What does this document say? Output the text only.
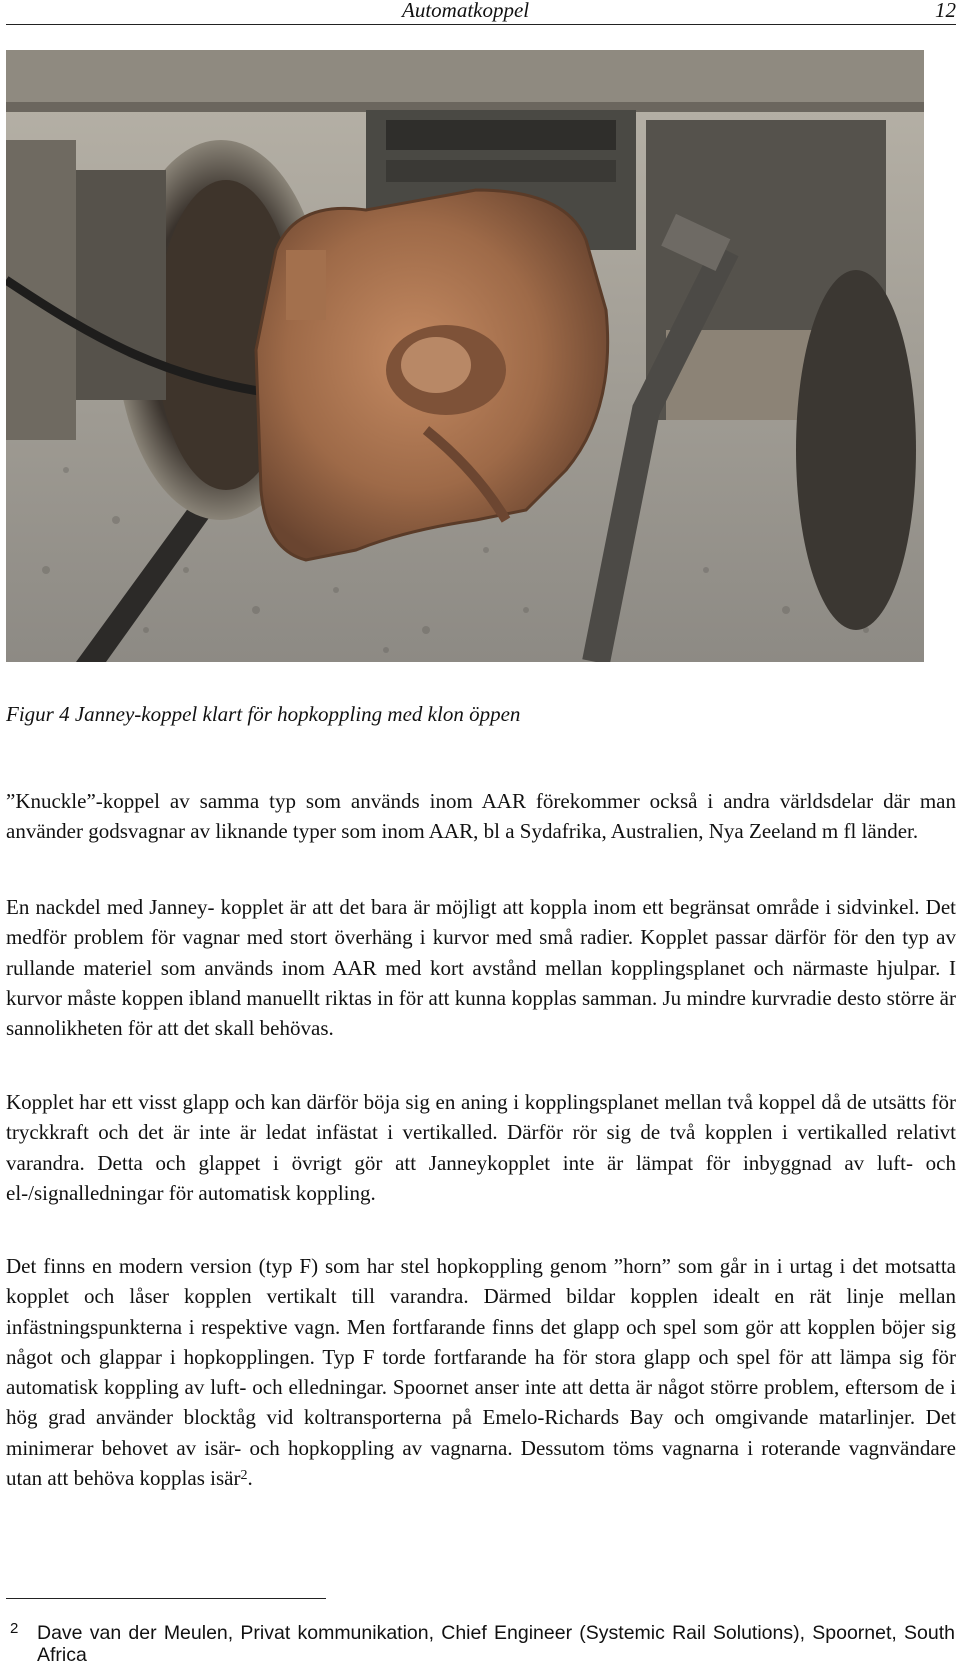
Automatkoppel	12
Figur 4 Janney-koppel klart för hopkoppling med klon öppen

”Knuckle”-koppel av samma typ som används inom AAR förekommer också i andra världsdelar där man använder godsvagnar av liknande typer som inom AAR, bl a Sydafrika, Australien, Nya Zeeland m fl länder.

En nackdel med Janney- kopplet är att det bara är möjligt att koppla inom ett begränsat område i sidvinkel. Det medför problem för vagnar med stort överhäng i kurvor med små radier. Kopplet passar därför för den typ av rullande materiel som används inom AAR med kort avstånd mellan kopplingsplanet och närmaste hjulpar. I kurvor måste koppen ibland manuellt riktas in för att kunna kopplas samman. Ju mindre kurvradie desto större är sannolikheten för att det skall behövas.

Kopplet har ett visst glapp och kan därför böja sig en aning i kopplingsplanet mellan två koppel då de utsätts för tryckkraft och det är inte är ledat infästat i vertikalled. Därför rör sig de två kopplen i vertikalled relativt varandra. Detta och glappet i övrigt gör att Janneykopplet inte är lämpat för inbyggnad av luft- och el-/signalledningar för automatisk koppling.

Det finns en modern version (typ F) som har stel hopkoppling genom ”horn” som går in i urtag i det motsatta kopplet och låser kopplen vertikalt till varandra. Därmed bildar kopplen idealt en rät linje mellan infästningspunkterna i respektive vagn. Men fortfarande finns det glapp och spel som gör att kopplen böjer sig något och glappar i hopkopplingen. Typ F torde fortfarande ha för stora glapp och spel för att lämpa sig för automatisk koppling av luft- och elledningar. Spoornet anser inte att detta är något större problem, eftersom de i hög grad använder blocktåg vid koltransporterna på Emelo-Richards Bay och omgivande matarlinjer. Det minimerar behovet av isär- och hopkoppling av vagnarna. Dessutom töms vagnarna i roterande vagnvändare utan att behöva kopplas isär$^2$.

2 Dave van der Meulen, Privat kommunikation, Chief Engineer (Systemic Rail Solutions), Spoornet, South Africa
